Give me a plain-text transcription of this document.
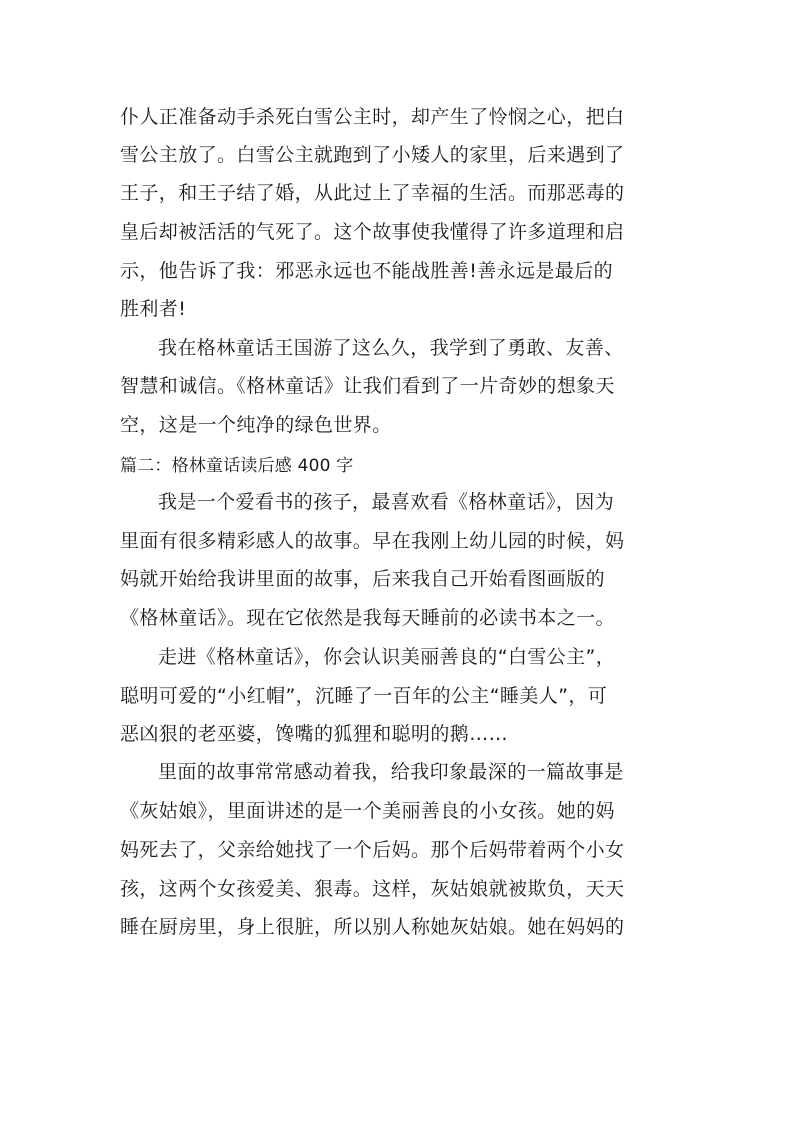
仆人正准备动手杀死白雪公主时，却产生了怜悯之心，把白
雪公主放了。白雪公主就跑到了小矮人的家里，后来遇到了
王子，和王子结了婚，从此过上了幸福的生活。而那恶毒的
皇后却被活活的气死了。这个故事使我懂得了许多道理和启
示，他告诉了我：邪恶永远也不能战胜善!善永远是最后的
胜利者!
我在格林童话王国游了这么久，我学到了勇敢、友善、
智慧和诚信。《格林童话》让我们看到了一片奇妙的想象天
空，这是一个纯净的绿色世界。
篇二：格林童话读后感 400 字
我是一个爱看书的孩子，最喜欢看《格林童话》，因为
里面有很多精彩感人的故事。早在我刚上幼儿园的时候，妈
妈就开始给我讲里面的故事，后来我自己开始看图画版的
《格林童话》。现在它依然是我每天睡前的必读书本之一。
走进《格林童话》，你会认识美丽善良的“白雪公主”，
聪明可爱的“小红帽”，沉睡了一百年的公主“睡美人”，可
恶凶狠的老巫婆，馋嘴的狐狸和聪明的鹅……
里面的故事常常感动着我，给我印象最深的一篇故事是
《灰姑娘》，里面讲述的是一个美丽善良的小女孩。她的妈
妈死去了，父亲给她找了一个后妈。那个后妈带着两个小女
孩，这两个女孩爱美、狠毒。这样，灰姑娘就被欺负，天天
睡在厨房里，身上很脏，所以别人称她灰姑娘。她在妈妈的
